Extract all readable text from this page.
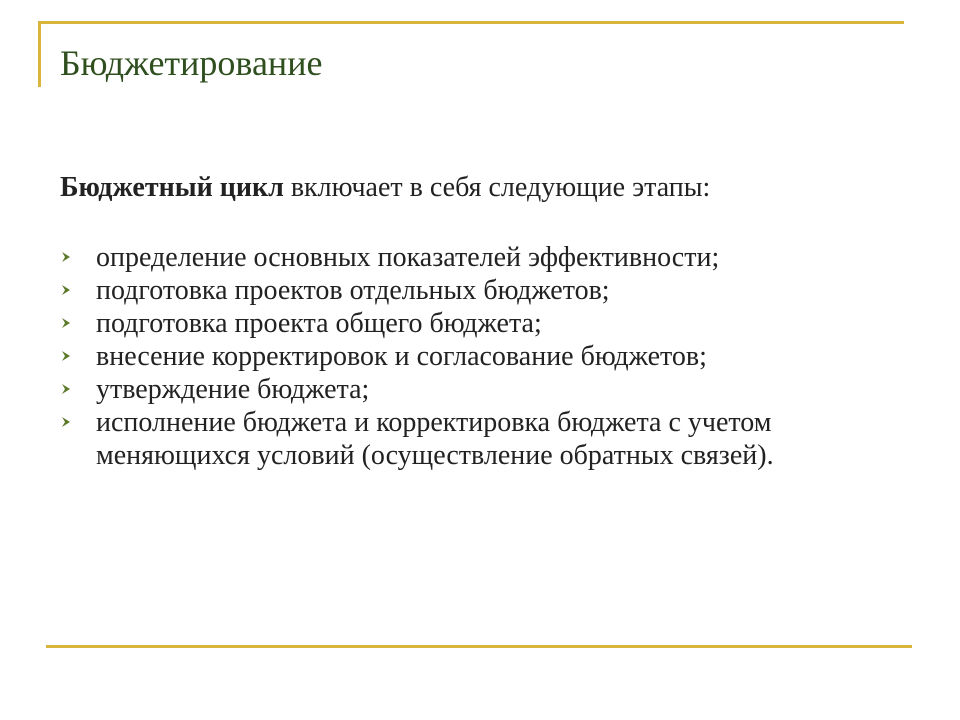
Бюджетирование

Бюджетный цикл включает в себя следующие этапы:

определение основных показателей эффективности;
подготовка проектов отдельных бюджетов;
подготовка проекта общего бюджета;
внесение корректировок и согласование бюджетов;
утверждение бюджета;
исполнение бюджета и корректировка бюджета с учетом меняющихся условий (осуществление обратных связей).
